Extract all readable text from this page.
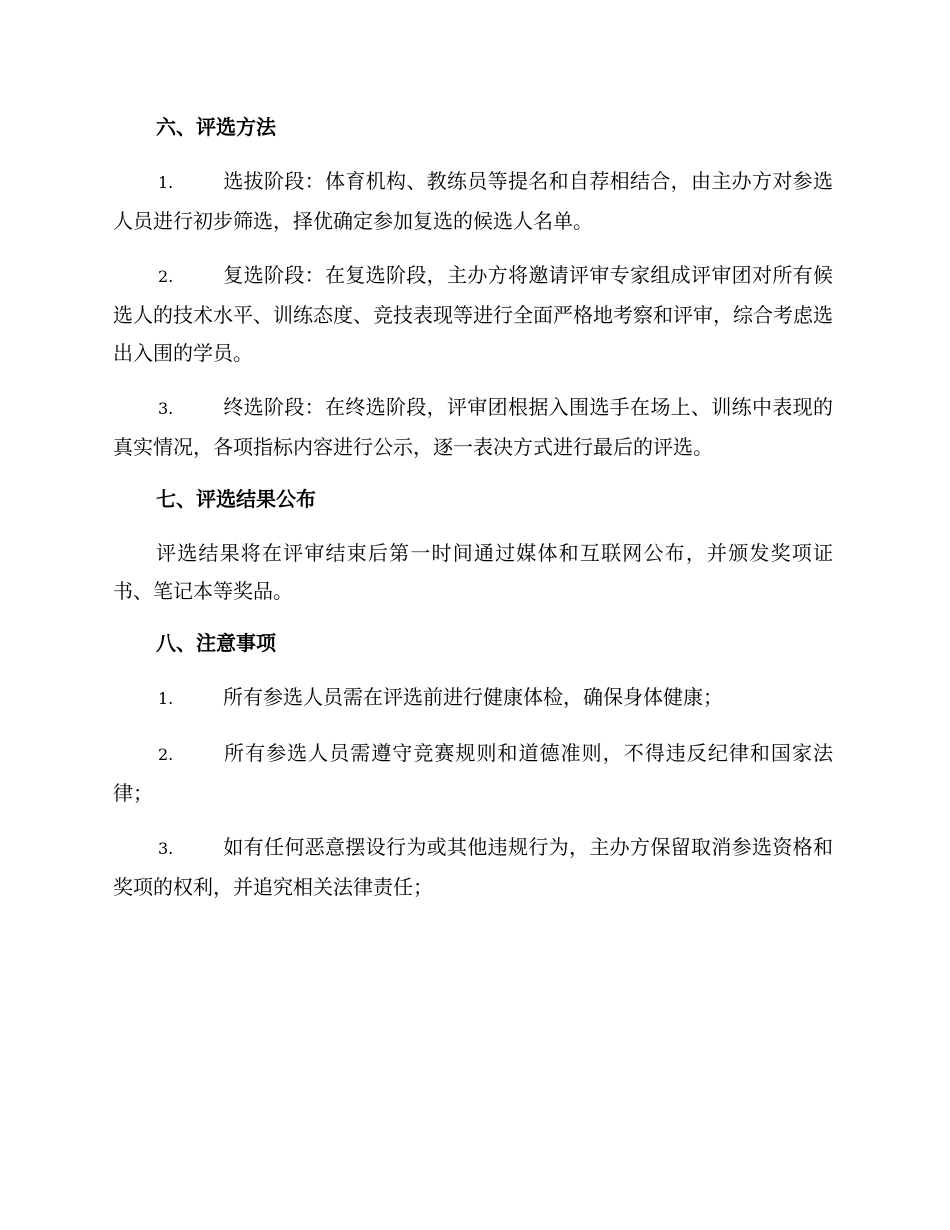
六、评选方法

1. 选拔阶段：体育机构、教练员等提名和自荐相结合，由主办方对参选人员进行初步筛选，择优确定参加复选的候选人名单。

2. 复选阶段：在复选阶段，主办方将邀请评审专家组成评审团对所有候选人的技术水平、训练态度、竞技表现等进行全面严格地考察和评审，综合考虑选出入围的学员。

3. 终选阶段：在终选阶段，评审团根据入围选手在场上、训练中表现的真实情况，各项指标内容进行公示，逐一表决方式进行最后的评选。

七、评选结果公布

评选结果将在评审结束后第一时间通过媒体和互联网公布，并颁发奖项证书、笔记本等奖品。

八、注意事项

1. 所有参选人员需在评选前进行健康体检，确保身体健康；

2. 所有参选人员需遵守竞赛规则和道德准则，不得违反纪律和国家法律；

3. 如有任何恶意摆设行为或其他违规行为，主办方保留取消参选资格和奖项的权利，并追究相关法律责任；
